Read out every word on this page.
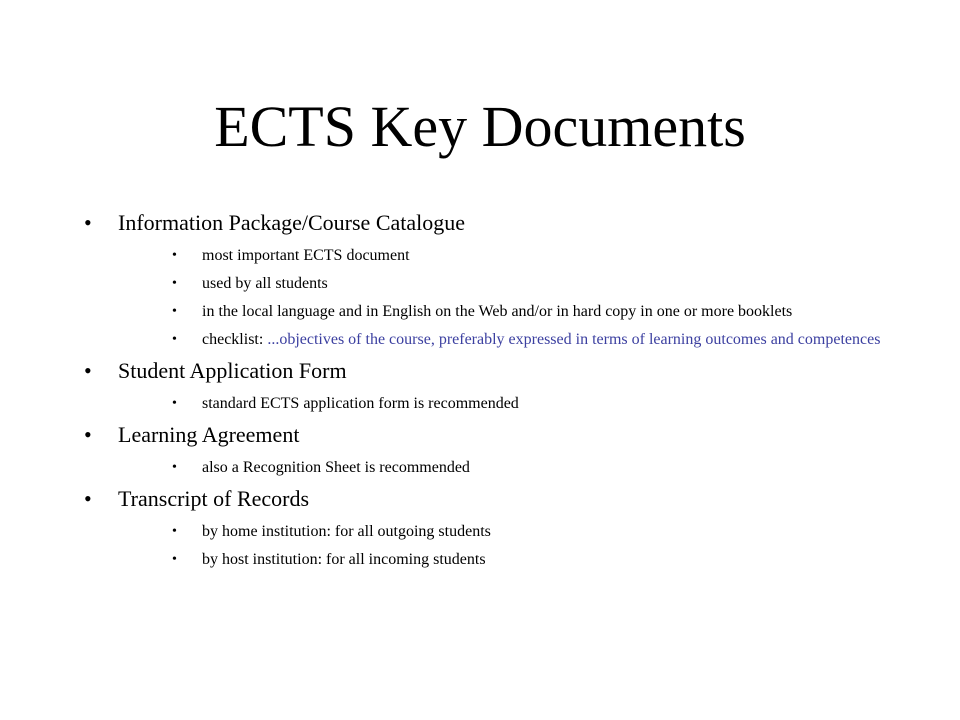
ECTS Key Documents
•	Information Package/Course Catalogue
•	most important ECTS document
•	used by all students
•	in the local language and in English on the Web and/or in hard copy in one or more booklets
•	checklist: ...objectives of the course, preferably expressed in terms of learning outcomes and competences
•	Student Application Form
•	standard ECTS application form is recommended
•	Learning Agreement
•	also a Recognition Sheet is recommended
•	Transcript of Records
•	by home institution: for all outgoing students
•	by host institution: for all incoming students
